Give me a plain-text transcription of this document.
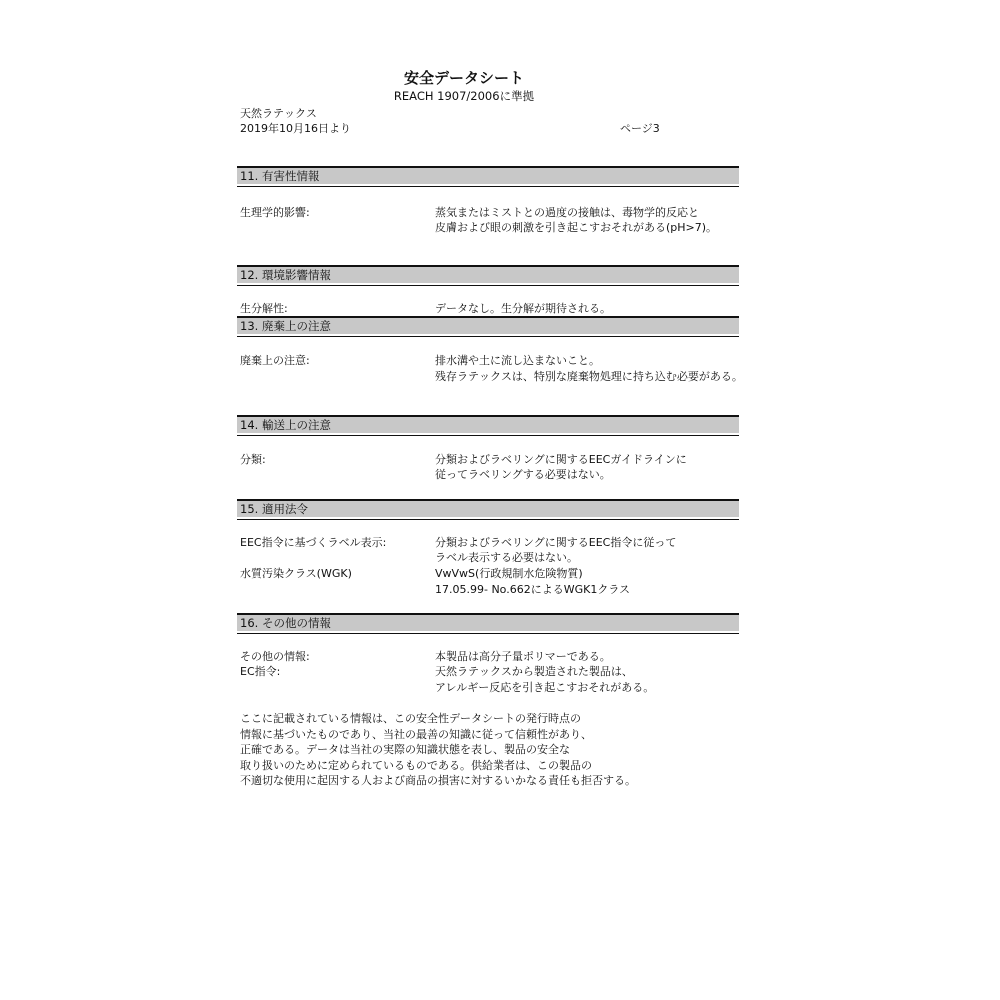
安全データシート
REACH 1907/2006に準拠
天然ラテックス
2019年10月16日より	ページ3
11. 有害性情報
生理学的影響:	蒸気またはミストとの過度の接触は、毒物学的反応と
皮膚および眼の刺激を引き起こすおそれがある(pH>7)。
12. 環境影響情報
生分解性:	データなし。生分解が期待される。
13. 廃棄上の注意
廃棄上の注意:	排水溝や土に流し込まないこと。
残存ラテックスは、特別な廃棄物処理に持ち込む必要がある。
14. 輸送上の注意
分類:	分類およびラベリングに関するEECガイドラインに
従ってラベリングする必要はない。
15. 適用法令
EEC指令に基づくラベル表示:	分類およびラベリングに関するEEC指令に従って
ラベル表示する必要はない。
水質汚染クラス(WGK)	VwVwS(行政規制水危険物質)
17.05.99- No.662によるWGK1クラス
16. その他の情報
その他の情報:	本製品は高分子量ポリマーである。
EC指令:	天然ラテックスから製造された製品は、
アレルギー反応を引き起こすおそれがある。
ここに記載されている情報は、この安全性データシートの発行時点の
情報に基づいたものであり、当社の最善の知識に従って信頼性があり、
正確である。データは当社の実際の知識状態を表し、製品の安全な
取り扱いのために定められているものである。供給業者は、この製品の
不適切な使用に起因する人および商品の損害に対するいかなる責任も拒否する。
